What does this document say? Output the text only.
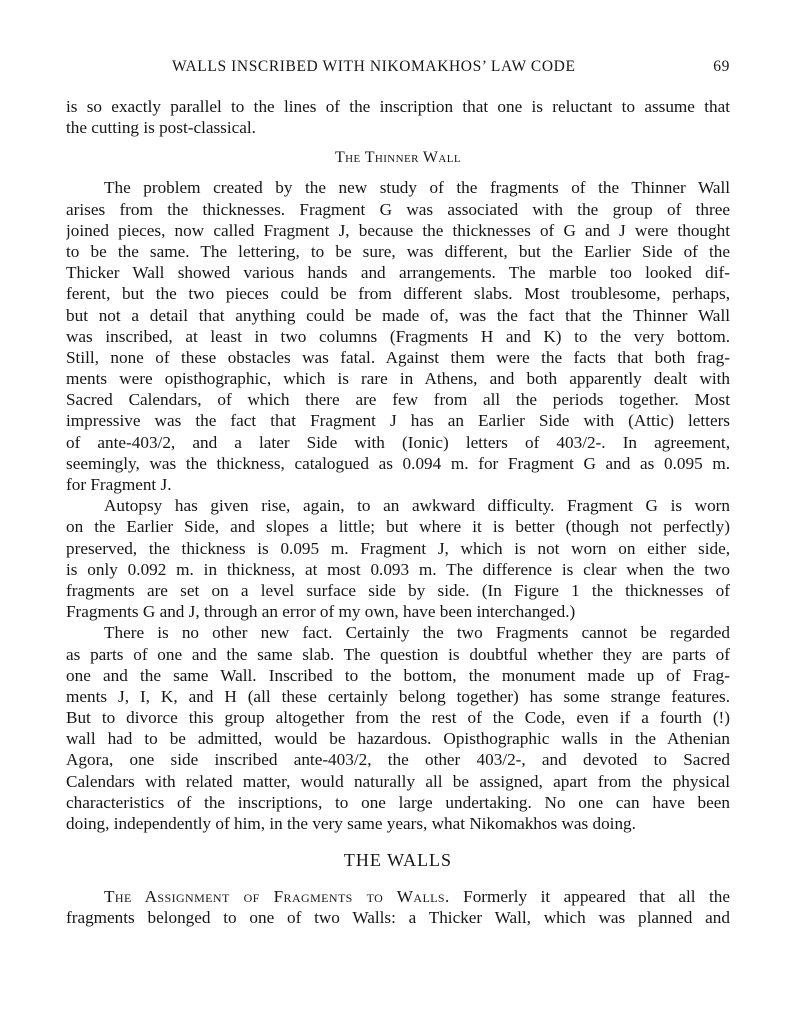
WALLS INSCRIBED WITH NIKOMAKHOS’ LAW CODE	69
is so exactly parallel to the lines of the inscription that one is reluctant to assume that
the cutting is post-classical.
The Thinner Wall
The problem created by the new study of the fragments of the Thinner Wall
arises from the thicknesses. Fragment G was associated with the group of three
joined pieces, now called Fragment J, because the thicknesses of G and J were thought
to be the same. The lettering, to be sure, was different, but the Earlier Side of the
Thicker Wall showed various hands and arrangements. The marble too looked dif-
ferent, but the two pieces could be from different slabs. Most troublesome, perhaps,
but not a detail that anything could be made of, was the fact that the Thinner Wall
was inscribed, at least in two columns (Fragments H and K) to the very bottom.
Still, none of these obstacles was fatal. Against them were the facts that both frag-
ments were opisthographic, which is rare in Athens, and both apparently dealt with
Sacred Calendars, of which there are few from all the periods together. Most
impressive was the fact that Fragment J has an Earlier Side with (Attic) letters
of ante-403/2, and a later Side with (Ionic) letters of 403/2-. In agreement,
seemingly, was the thickness, catalogued as 0.094 m. for Fragment G and as 0.095 m.
for Fragment J.
Autopsy has given rise, again, to an awkward difficulty. Fragment G is worn
on the Earlier Side, and slopes a little; but where it is better (though not perfectly)
preserved, the thickness is 0.095 m. Fragment J, which is not worn on either side,
is only 0.092 m. in thickness, at most 0.093 m. The difference is clear when the two
fragments are set on a level surface side by side. (In Figure 1 the thicknesses of
Fragments G and J, through an error of my own, have been interchanged.)
There is no other new fact. Certainly the two Fragments cannot be regarded
as parts of one and the same slab. The question is doubtful whether they are parts of
one and the same Wall. Inscribed to the bottom, the monument made up of Frag-
ments J, I, K, and H (all these certainly belong together) has some strange features.
But to divorce this group altogether from the rest of the Code, even if a fourth (!)
wall had to be admitted, would be hazardous. Opisthographic walls in the Athenian
Agora, one side inscribed ante-403/2, the other 403/2-, and devoted to Sacred
Calendars with related matter, would naturally all be assigned, apart from the physical
characteristics of the inscriptions, to one large undertaking. No one can have been
doing, independently of him, in the very same years, what Nikomakhos was doing.
THE WALLS
The Assignment of Fragments to Walls. Formerly it appeared that all the
fragments belonged to one of two Walls: a Thicker Wall, which was planned and
